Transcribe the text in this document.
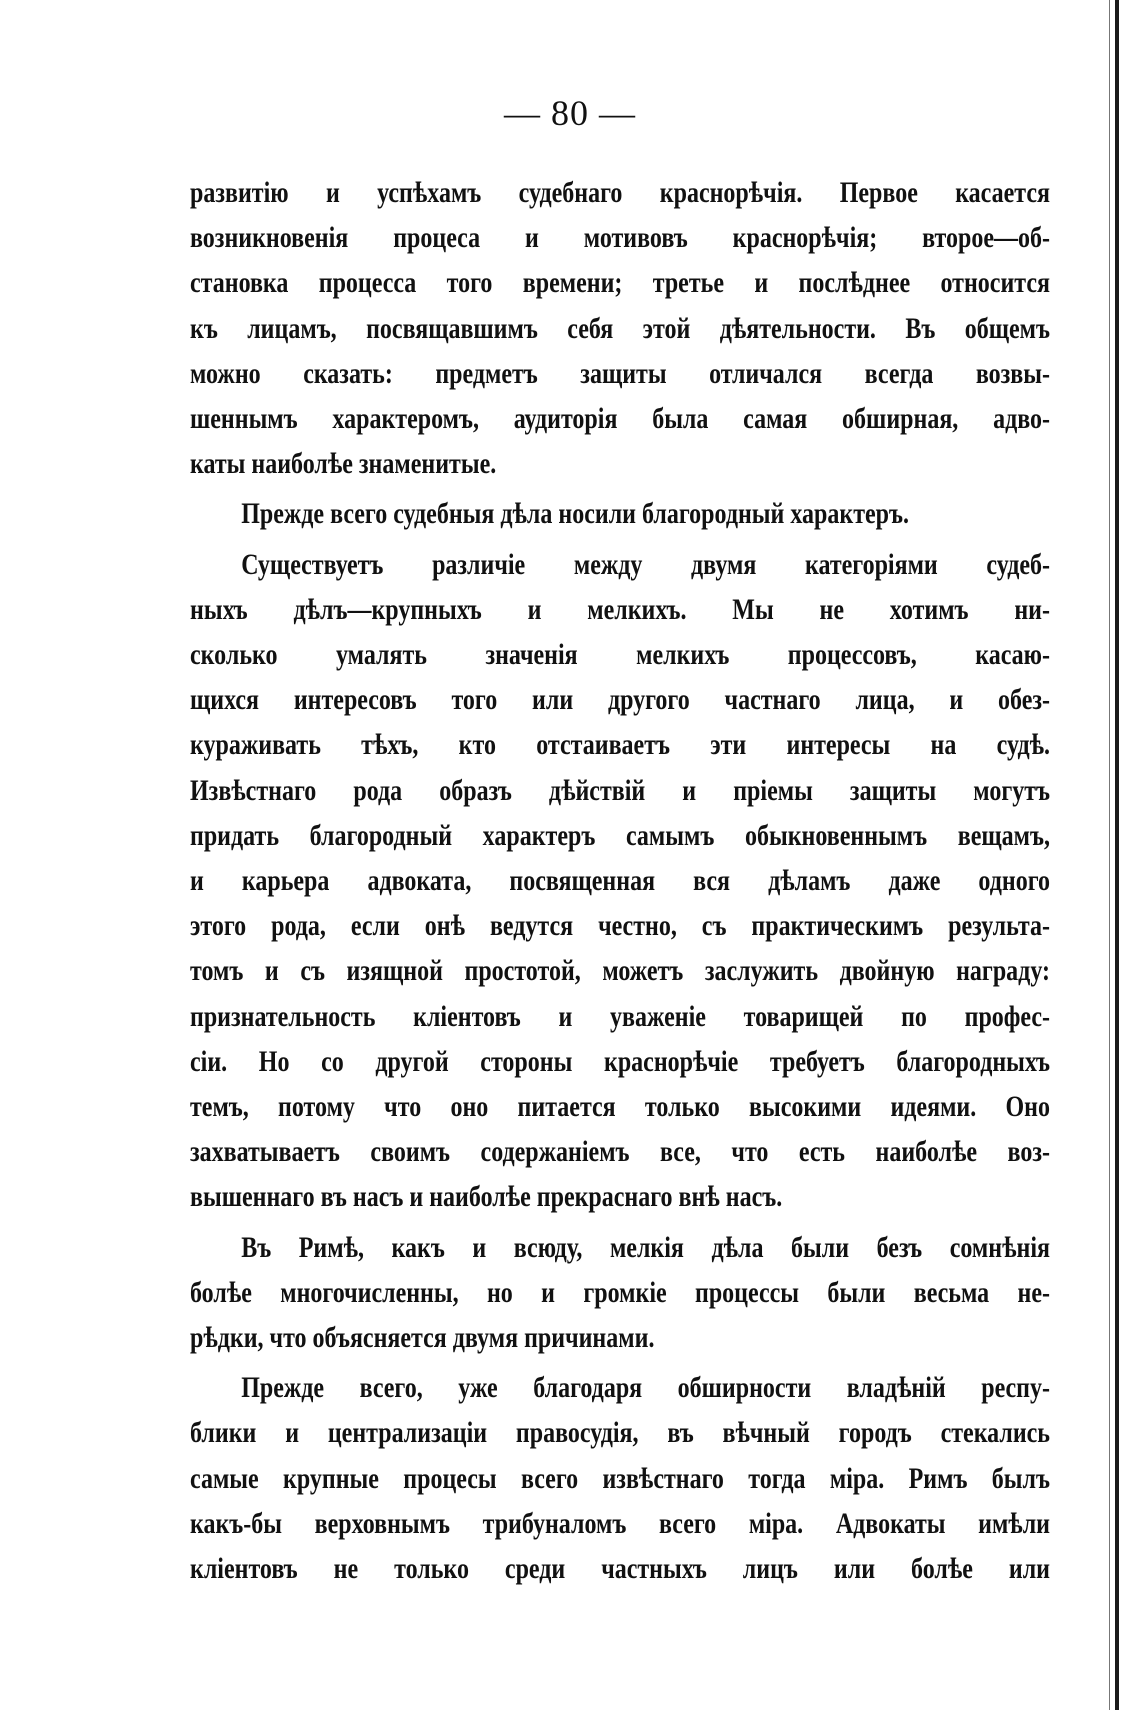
— 80 —

развитію и успѣхамъ судебнаго краснорѣчія. Первое касается
возникновенія процеса и мотивовъ краснорѣчія; второе—об-
становка процесса того времени; третье и послѣднее относится
къ лицамъ, посвящавшимъ себя этой дѣятельности. Въ общемъ
можно сказать: предметъ защиты отличался всегда возвы-
шеннымъ характеромъ, аудиторія была самая обширная, адво-
каты наиболѣе знаменитые.

Прежде всего судебныя дѣла носили благородный характеръ.

Существуетъ различіе между двумя категоріями судеб-
ныхъ дѣлъ—крупныхъ и мелкихъ. Мы не хотимъ ни-
сколько умалять значенія мелкихъ процессовъ, касаю-
щихся интересовъ того или другого частнаго лица, и обез-
кураживать тѣхъ, кто отстаиваетъ эти интересы на судѣ.
Извѣстнаго рода образъ дѣйствій и пріемы защиты могутъ
придать благородный характеръ самымъ обыкновеннымъ вещамъ,
и карьера адвоката, посвященная вся дѣламъ даже одного
этого рода, если онѣ ведутся честно, съ практическимъ результа-
томъ и съ изящной простотой, можетъ заслужить двойную награду:
признательность кліентовъ и уваженіе товарищей по профес-
сіи. Но со другой стороны краснорѣчіе требуетъ благородныхъ
темъ, потому что оно питается только высокими идеями. Оно
захватываетъ своимъ содержаніемъ все, что есть наиболѣе воз-
вышеннаго въ насъ и наиболѣе прекраснаго внѣ насъ.

Въ Римѣ, какъ и всюду, мелкія дѣла были безъ сомнѣнія
болѣе многочисленны, но и громкіе процессы были весьма не-
рѣдки, что объясняется двумя причинами.

Прежде всего, уже благодаря обширности владѣній респу-
блики и централизаціи правосудія, въ вѣчный городъ стекались
самые крупные процесы всего извѣстнаго тогда міра. Римъ былъ
какъ-бы верховнымъ трибуналомъ всего міра. Адвокаты имѣли
кліентовъ не только среди частныхъ лицъ или болѣе или
